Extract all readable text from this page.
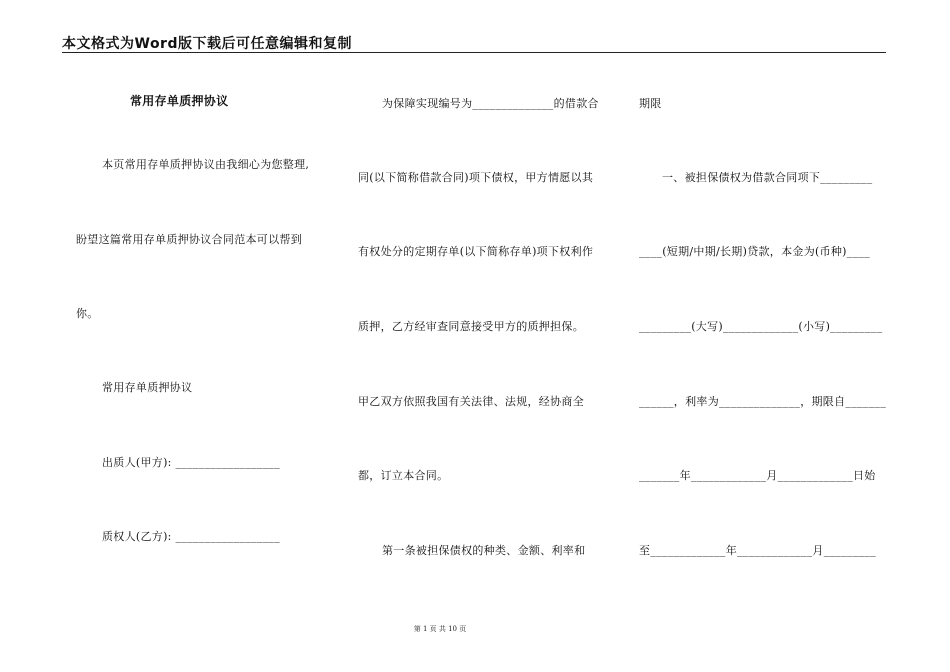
本文格式为Word版下载后可任意编辑和复制
常用存单质押协议
本页常用存单质押协议由我细心为您整理,
盼望这篇常用存单质押协议合同范本可以帮到
你。
常用存单质押协议
出质人(甲方): __________________
质权人(乙方): __________________
为保障实现编号为______________的借款合
同(以下简称借款合同)项下债权，甲方情愿以其
有权处分的定期存单(以下简称存单)项下权利作
质押，乙方经审查同意接受甲方的质押担保。
甲乙双方依照我国有关法律、法规，经协商全
都，订立本合同。
第一条被担保债权的种类、金额、利率和
期限
一、被担保债权为借款合同项下_________
____(短期/中期/长期)贷款，本金为(币种)____
_________(大写)_____________(小写)_________
______，利率为______________，期限自_______
_______年_____________月_____________日始
至_____________年_____________月_________
第 1 页 共 10 页
